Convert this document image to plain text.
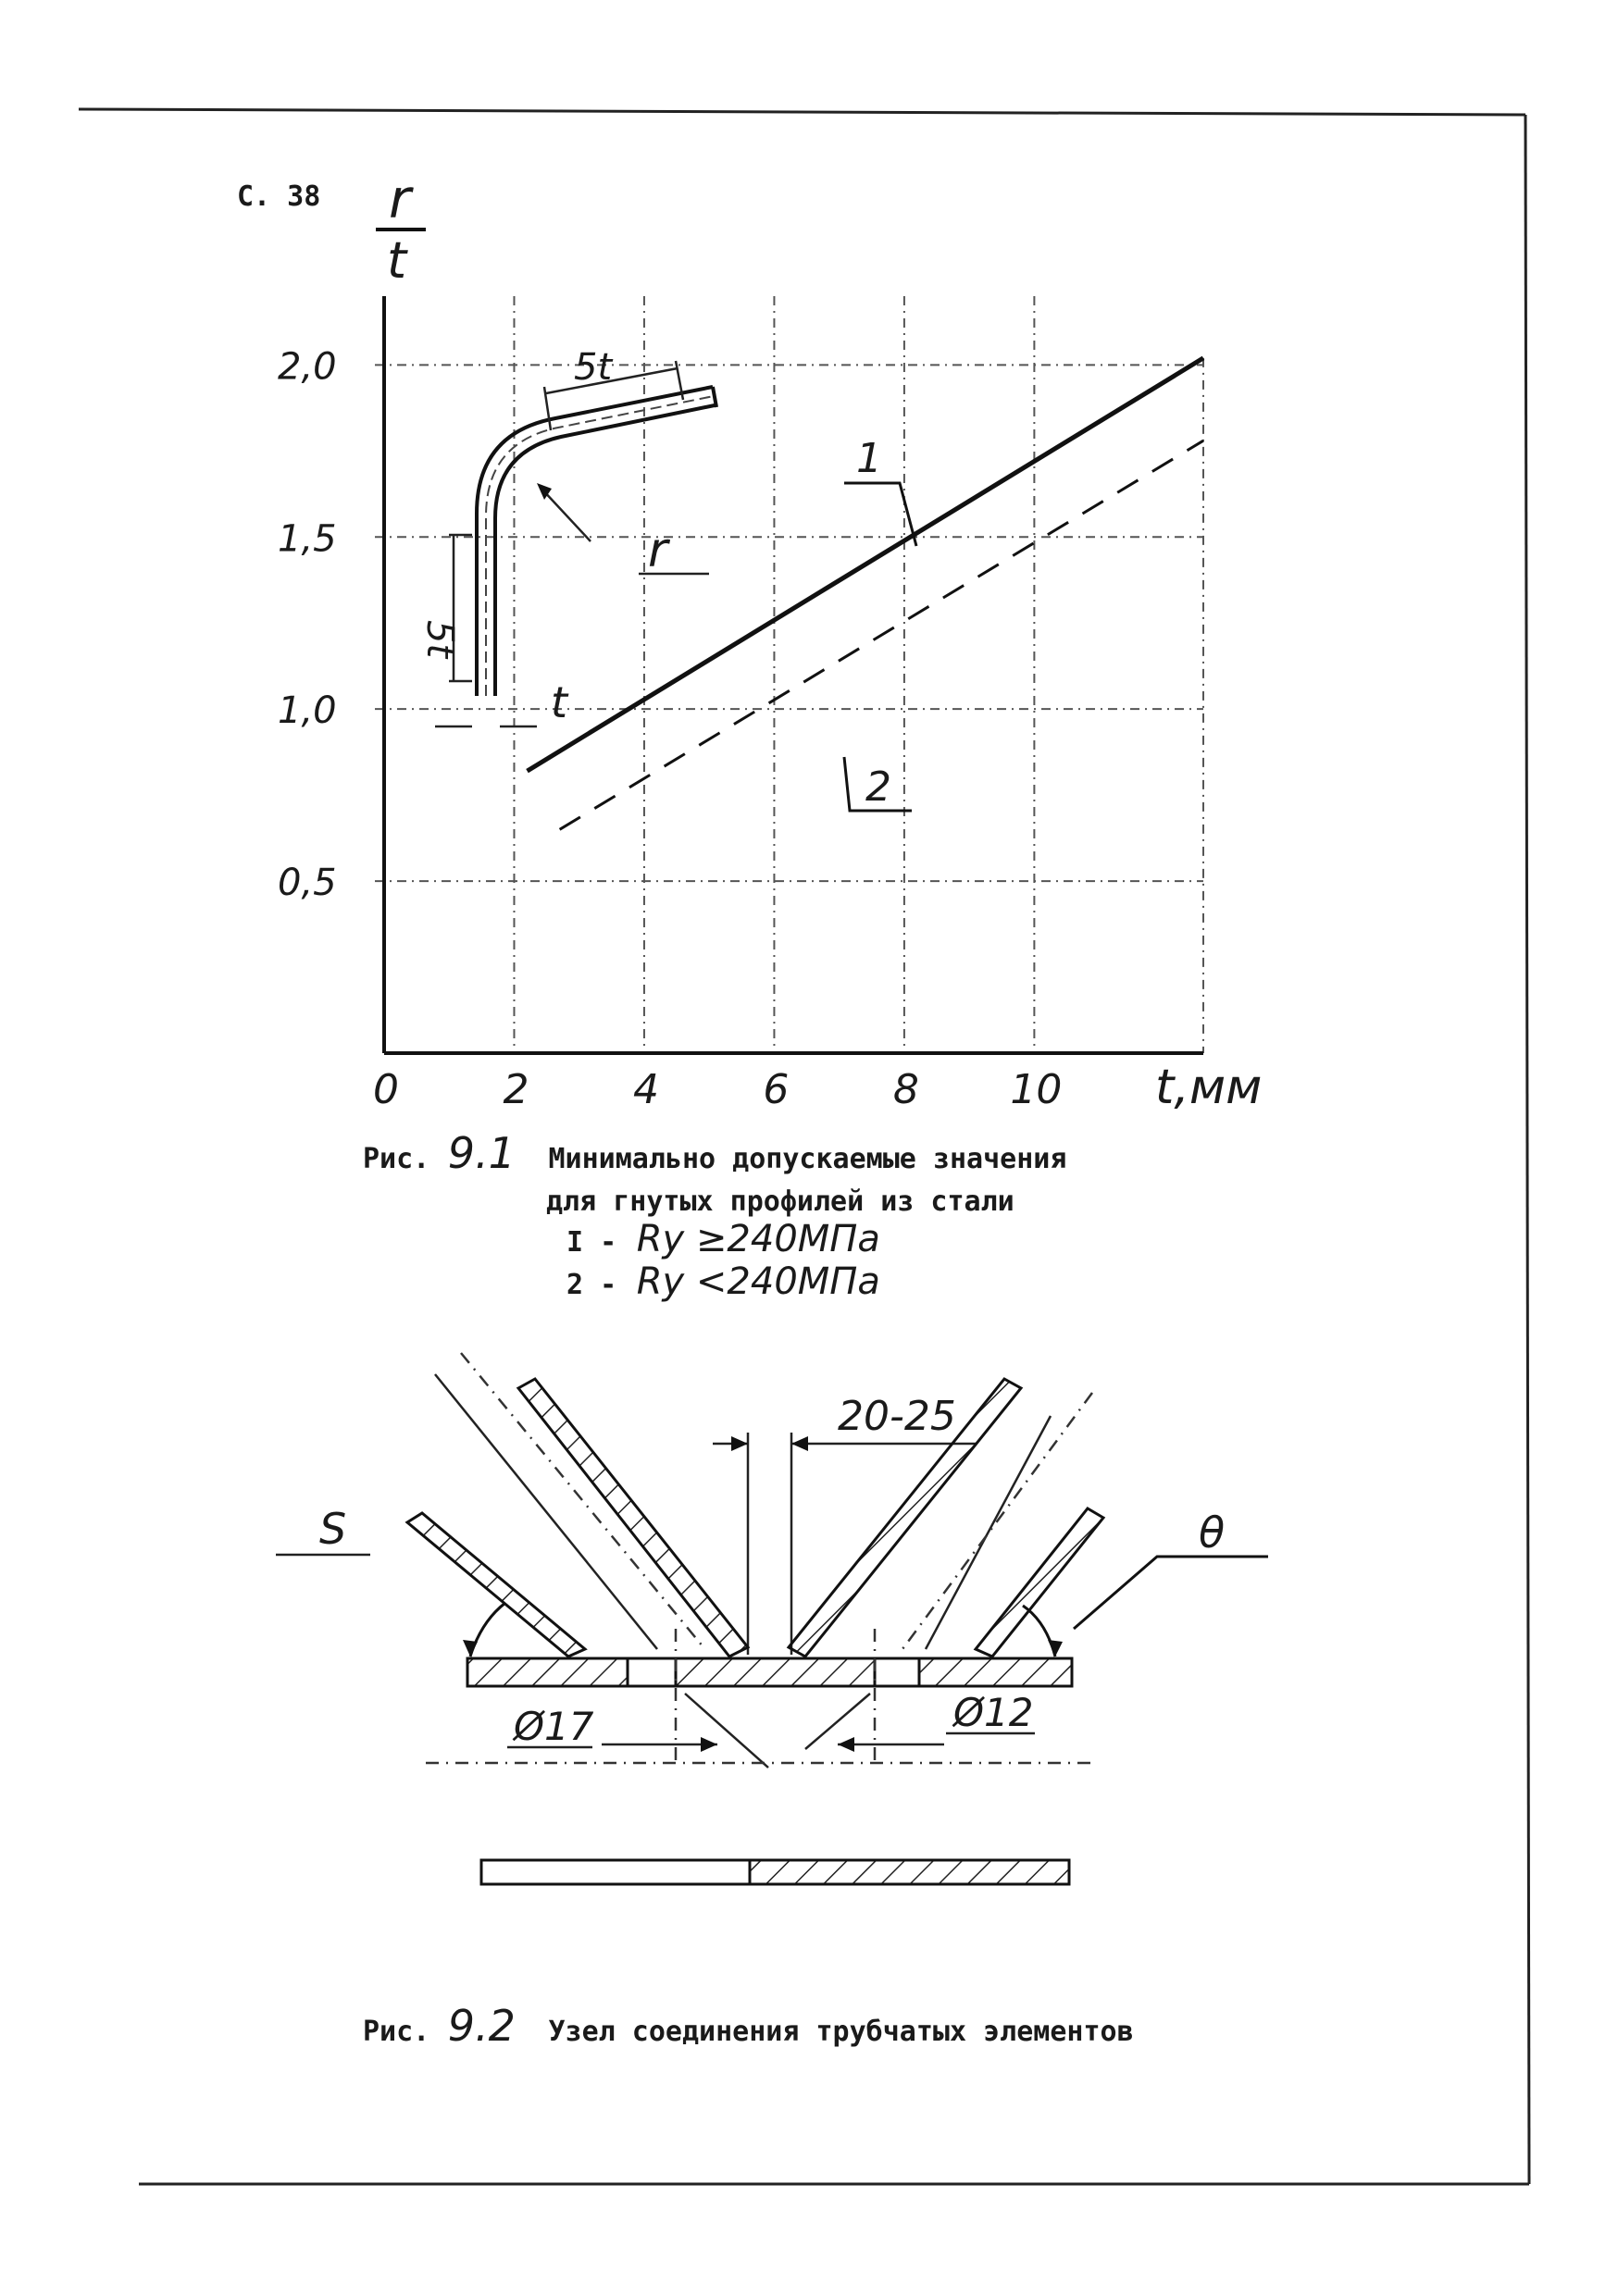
С. 38 r
t
2,0
1,5
1,0
0,5
0	2	4	6	8 10 t,мм
1
2
5t
5t
r
t
Рис. 9.1 Минимально допускаемые значения
для гнутых профилей из стали
I - Ry ≥240МПа
2 - Ry <240МПа
20-25
Ø17	Ø12
S	θ
Рис. 9.2 Узел соединения трубчатых элементов
